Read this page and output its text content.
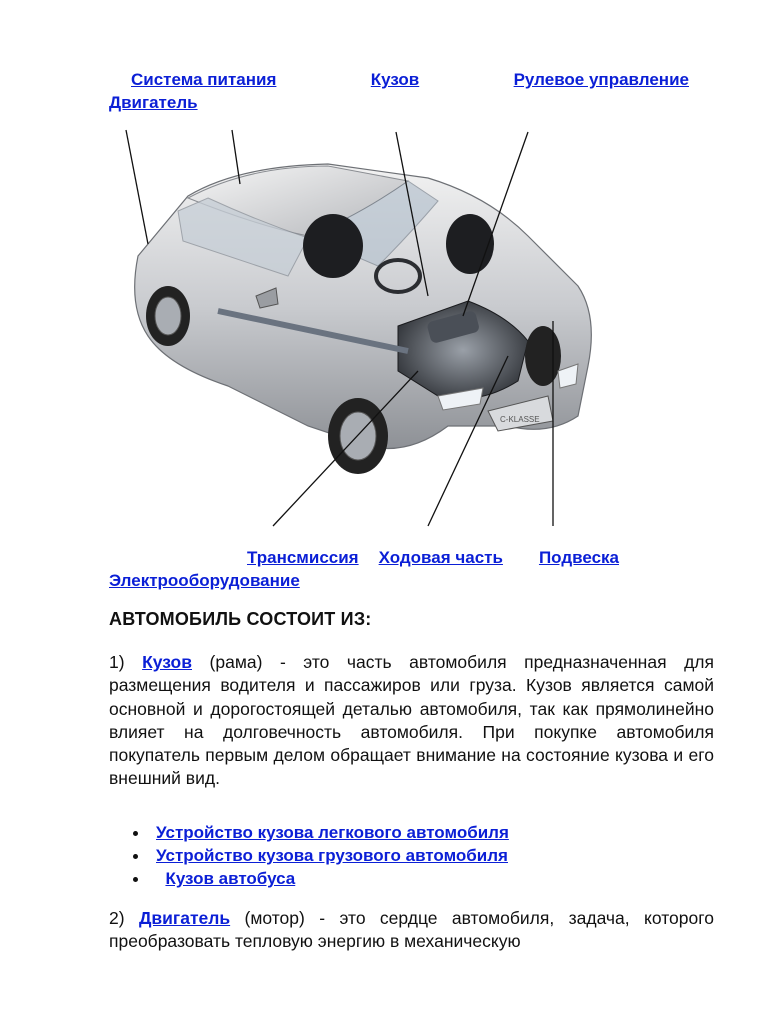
Система питания	Кузов	Рулевое управление
Двигатель
C-KLASSE
Трансмиссия Ходовая часть Подвеска
Электрооборудование
АВТОМОБИЛЬ СОСТОИТ ИЗ:
1) Кузов (рама) - это часть автомобиля предназначенная для размещения водителя и пассажиров или груза. Кузов является самой основной и дорогостоящей деталью автомобиля, так как прямолинейно влияет на долговечность автомобиля. При покупке автомобиля покупатель первым делом обращает внимание на состояние кузова и его внешний вид.
Устройство кузова легкового автомобиля
Устройство кузова грузового автомобиля
Кузов автобуса
2) Двигатель (мотор) - это сердце автомобиля, задача, которого преобразовать тепловую энергию в механическую
